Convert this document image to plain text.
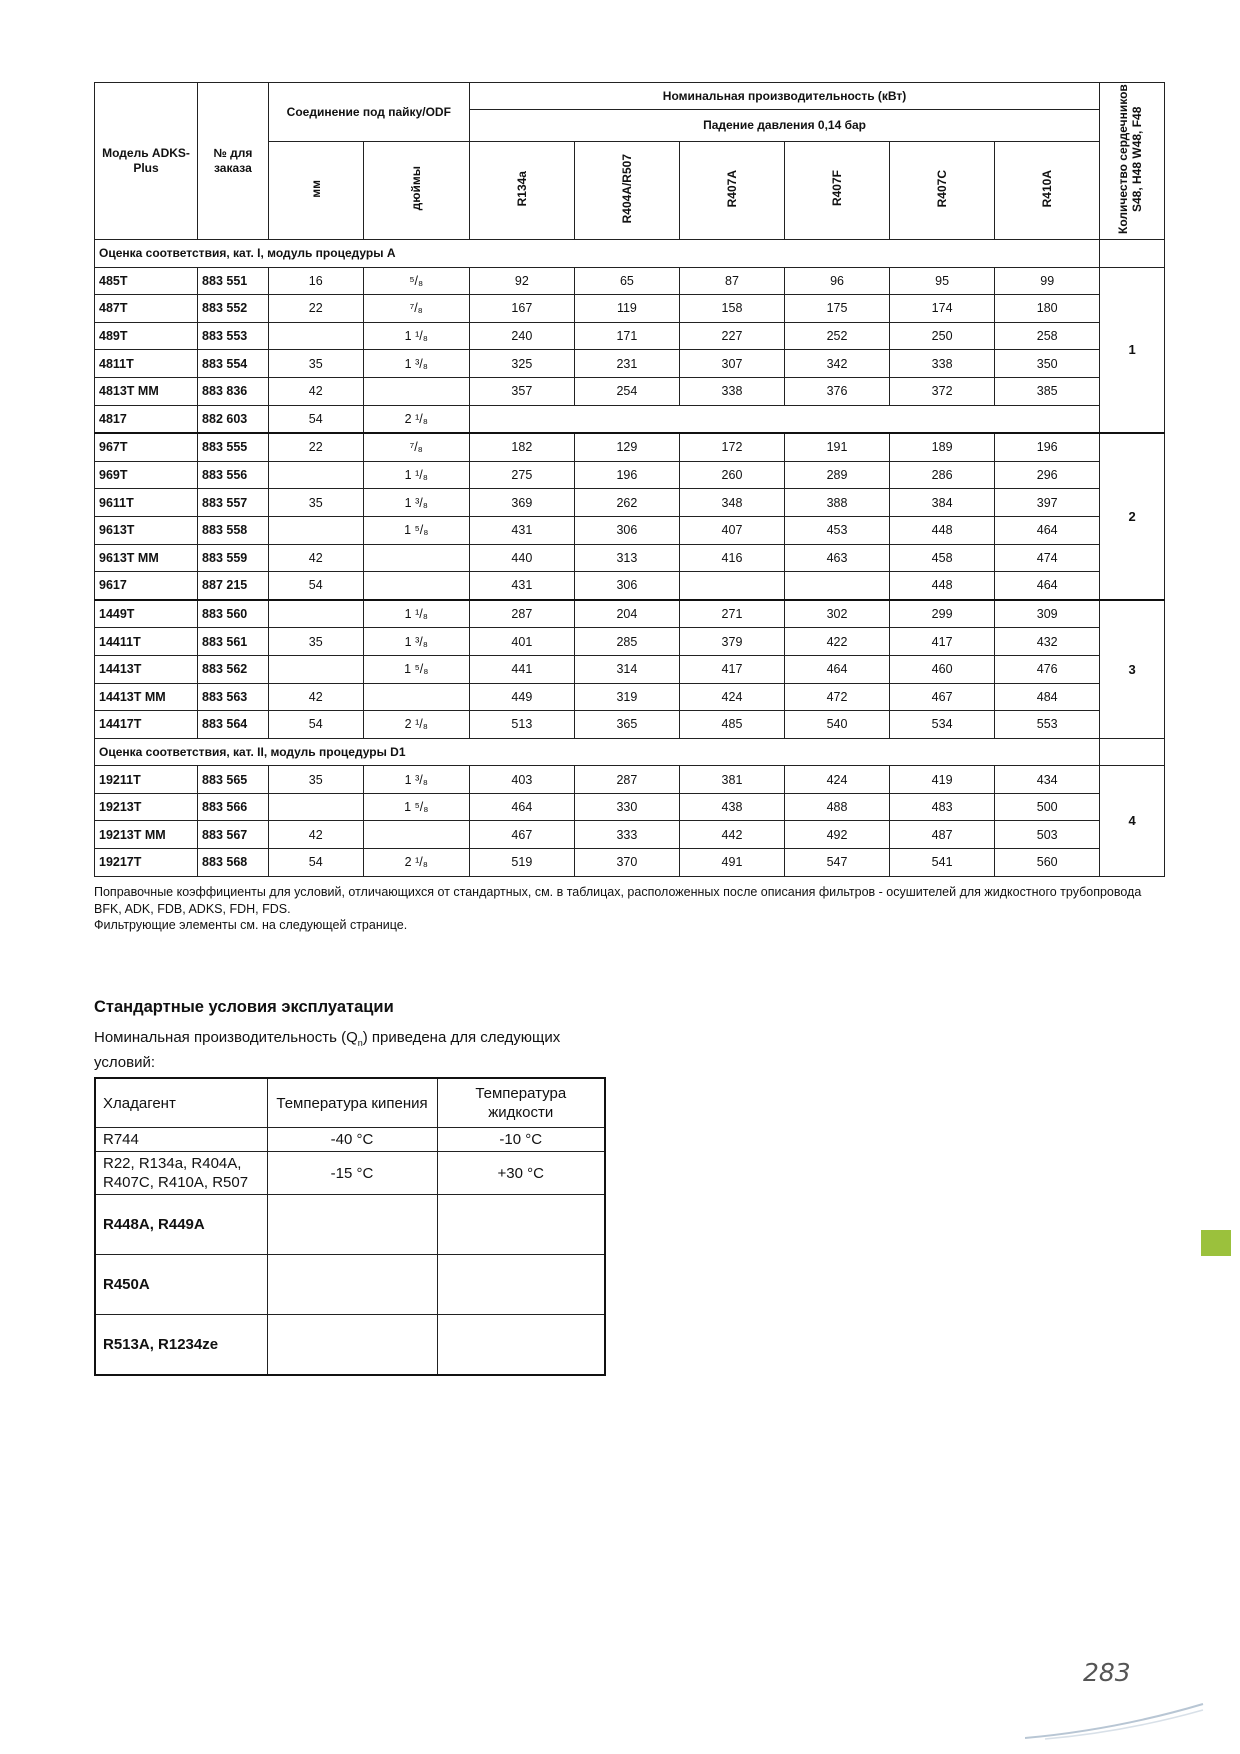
Модель ADKS-Plus	№ для заказа	Соединение под пайку/ODF		Номинальная производительность (кВт)						Количество сердечников S48, H48 W48, F48
				Падение давления 0,14 бар						
		мм	дюймы	R134a	R404A/R507	R407A	R407F	R407C	R410A	
Оценка соответствия, кат. I, модуль процедуры A										
485T	883 551	16	⁵/₈	92	65	87	96	95	99	1
487T	883 552	22	⁷/₈	167	119	158	175	174	180	
489T	883 553		1 ¹/₈	240	171	227	252	250	258	
4811T	883 554	35	1 ³/₈	325	231	307	342	338	350	
4813T MM	883 836	42		357	254	338	376	372	385	
4817	882 603	54	2 ¹/₈							
967T	883 555	22	⁷/₈	182	129	172	191	189	196	2
969T	883 556		1 ¹/₈	275	196	260	289	286	296	
9611T	883 557	35	1 ³/₈	369	262	348	388	384	397	
9613T	883 558		1 ⁵/₈	431	306	407	453	448	464	
9613T MM	883 559	42		440	313	416	463	458	474	
9617	887 215	54		431	306			448	464	
1449T	883 560		1 ¹/₈	287	204	271	302	299	309	3
14411T	883 561	35	1 ³/₈	401	285	379	422	417	432	
14413T	883 562		1 ⁵/₈	441	314	417	464	460	476	
14413T MM	883 563	42		449	319	424	472	467	484	
14417T	883 564	54	2 ¹/₈	513	365	485	540	534	553	
Оценка соответствия, кат. II, модуль процедуры D1										
19211T	883 565	35	1 ³/₈	403	287	381	424	419	434	4
19213T	883 566		1 ⁵/₈	464	330	438	488	483	500	
19213T MM	883 567	42		467	333	442	492	487	503	
19217T	883 568	54	2 ¹/₈	519	370	491	547	541	560	

Поправочные коэффициенты для условий, отличающихся от стандартных, см. в таблицах, расположенных после описания фильтров - осушителей для жидкостного трубопровода BFK, ADK, FDB, ADKS, FDH, FDS.

Фильтрующие элементы см. на следующей странице.

Стандартные условия эксплуатации
Номинальная производительность $(Q_n)$ приведена для следующих условий:
Хладагент	Температура кипения	Температура жидкости
R744	-40 °C	-10 °C
R22, R134a, R404A, R407C, R410A, R507	-15 °C	+30 °C
R448A, R449A		
R450A		
R513A, R1234ze		
283
